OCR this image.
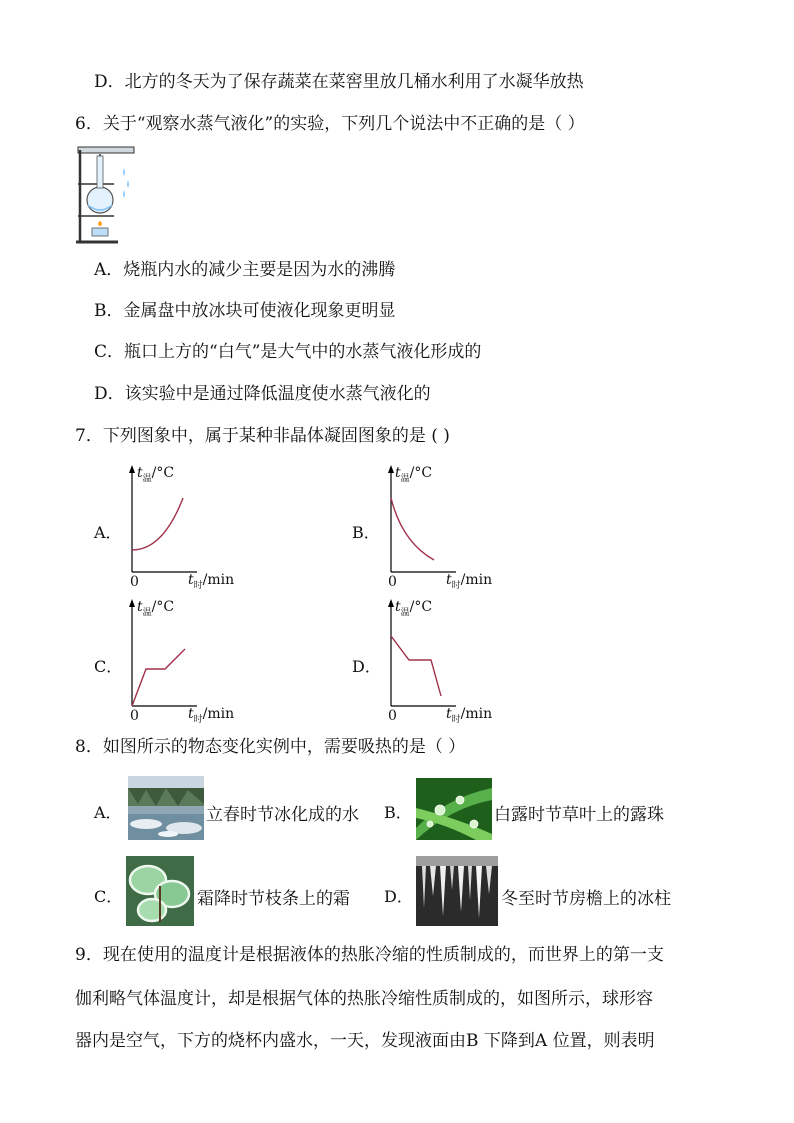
D．北方的冬天为了保存蔬菜在菜窖里放几桶水利用了水凝华放热
6．关于“观察水蒸气液化”的实验，下列几个说法中不正确的是（ ）
A．烧瓶内水的减少主要是因为水的沸腾
B．金属盘中放冰块可使液化现象更明显
C．瓶口上方的“白气”是大气中的水蒸气液化形成的
D．该实验中是通过降低温度使水蒸气液化的
7．下列图象中，属于某种非晶体凝固图象的是 ( )
A．
$t_温/^\circ C$
0	$t_时/\min$
B．
$t_温/^\circ C$
0	$t_时/\min$
C．
$t_温/^\circ C$
0	$t_时/\min$
D．
$t_温/^\circ C$
0	$t_时/\min$
8．如图所示的物态变化实例中，需要吸热的是（ ）
A．	立春时节冰化成的水 B．	白露时节草叶上的露珠
C．	霜降时节枝条上的霜 D．	冬至时节房檐上的冰柱
9．现在使用的温度计是根据液体的热胀冷缩的性质制成的，而世界上的第一支
伽利略气体温度计，却是根据气体的热胀冷缩性质制成的，如图所示，球形容
器内是空气，下方的烧杯内盛水，一天，发现液面由B 下降到A 位置，则表明
